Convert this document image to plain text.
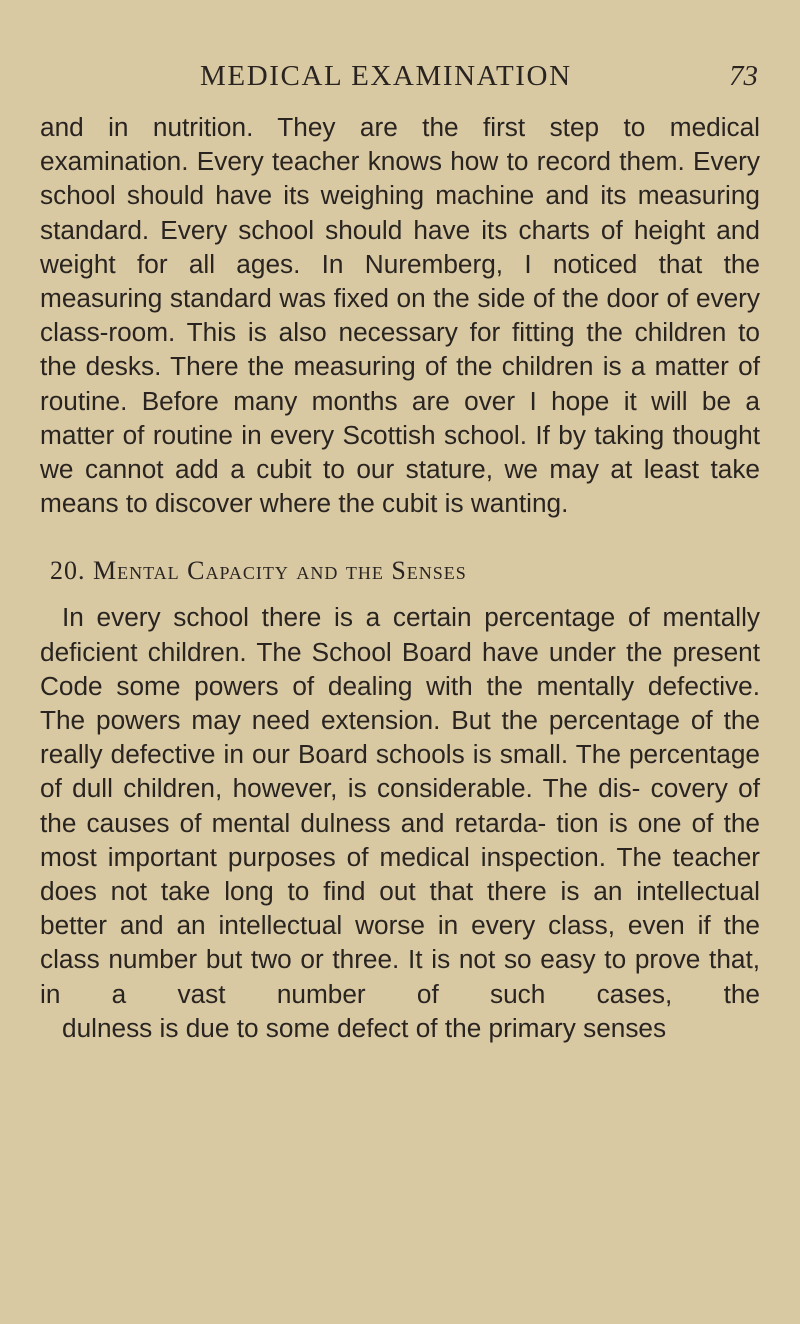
MEDICAL EXAMINATION	73

and in nutrition. They are the first step to medical examination. Every teacher knows how to record them. Every school should have its weighing machine and its measuring standard. Every school should have its charts of height and weight for all ages. In Nuremberg, I noticed that the measuring standard was fixed on the side of the door of every class-room. This is also necessary for fitting the children to the desks. There the measuring of the children is a matter of routine. Before many months are over I hope it will be a matter of routine in every Scottish school. If by taking thought we cannot add a cubit to our stature, we may at least take
means to discover where the cubit is wanting.

20. Mental Capacity and the Senses

In every school there is a certain percentage of mentally deficient children. The School Board have under the present Code some powers of dealing with the mentally defective. The powers may need extension. But the percentage of the really defective in our Board schools is small. The percentage of dull children, however, is considerable. The dis- covery of the causes of mental dulness and retarda- tion is one of the most important purposes of medical inspection. The teacher does not take long to find out that there is an intellectual better and an intellectual worse in every class, even if the class number but two or three. It is not so easy to prove that, in a vast number of such cases, the
dulness is due to some defect of the primary senses
